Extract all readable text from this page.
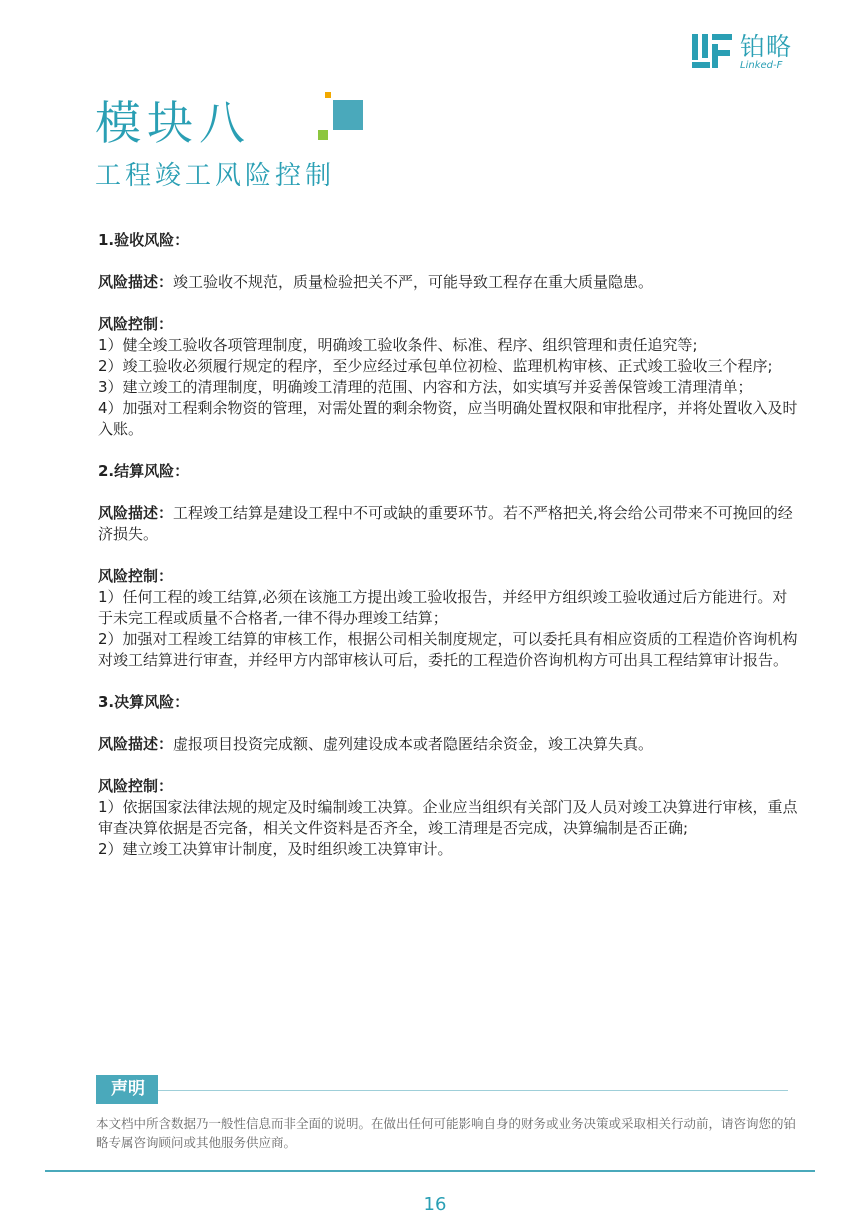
铂略
Linked-F
模块八
工程竣工风险控制

1.验收风险：

风险描述：竣工验收不规范，质量检验把关不严，可能导致工程存在重大质量隐患。

风险控制：

1）健全竣工验收各项管理制度，明确竣工验收条件、标准、程序、组织管理和责任追究等;

2）竣工验收必须履行规定的程序，至少应经过承包单位初检、监理机构审核、正式竣工验收三个程序;

3）建立竣工的清理制度，明确竣工清理的范围、内容和方法，如实填写并妥善保管竣工清理清单；

4）加强对工程剩余物资的管理，对需处置的剩余物资，应当明确处置权限和审批程序，并将处置收入及时入账。

2.结算风险：

风险描述：工程竣工结算是建设工程中不可或缺的重要环节。若不严格把关,将会给公司带来不可挽回的经济损失。

风险控制：

1）任何工程的竣工结算,必须在该施工方提出竣工验收报告，并经甲方组织竣工验收通过后方能进行。对于未完工程或质量不合格者,一律不得办理竣工结算；

2）加强对工程竣工结算的审核工作，根据公司相关制度规定，可以委托具有相应资质的工程造价咨询机构对竣工结算进行审查，并经甲方内部审核认可后，委托的工程造价咨询机构方可出具工程结算审计报告。

3.决算风险：

风险描述：虚报项目投资完成额、虚列建设成本或者隐匿结余资金，竣工决算失真。

风险控制：

1）依据国家法律法规的规定及时编制竣工决算。企业应当组织有关部门及人员对竣工决算进行审核，重点审查决算依据是否完备，相关文件资料是否齐全，竣工清理是否完成，决算编制是否正确;

2）建立竣工决算审计制度，及时组织竣工决算审计。

声明
本文档中所含数据乃一般性信息而非全面的说明。在做出任何可能影响自身的财务或业务决策或采取相关行动前，请咨询您的铂略专属咨询顾问或其他服务供应商。
16
